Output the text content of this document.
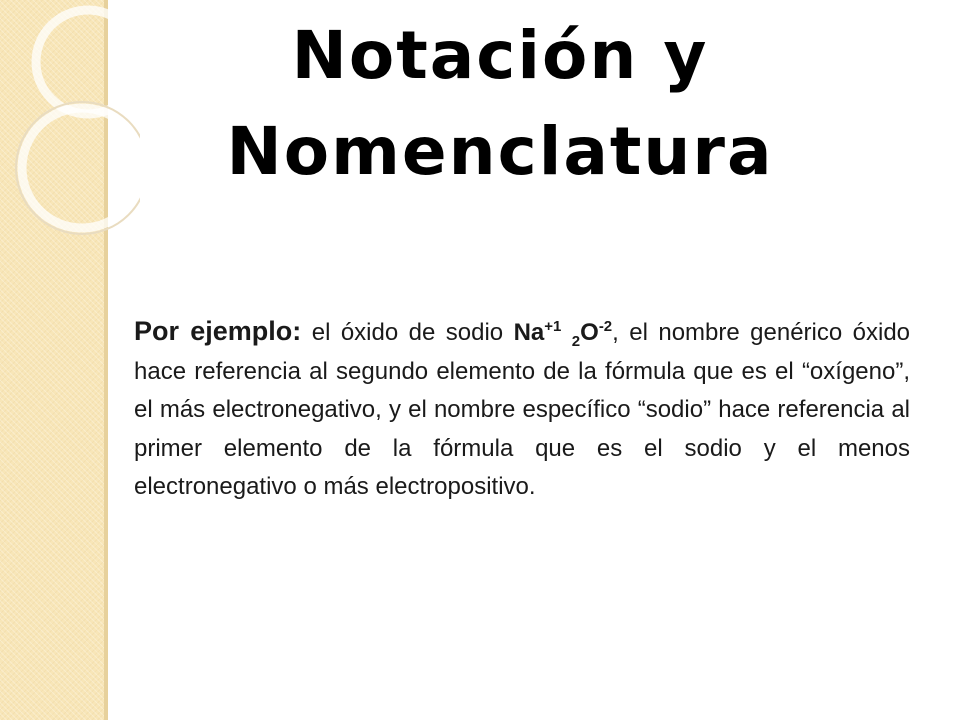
Notación y
Nomenclatura

Por ejemplo: el óxido de sodio $Na^{+1}$ $_2O^{-2}$, el nombre genérico óxido hace referencia al segundo elemento de la fórmula que es el “oxígeno”, el más electronegativo, y el nombre específico “sodio” hace referencia al primer elemento de la fórmula que es el sodio y el menos electronegativo o más electropositivo.
